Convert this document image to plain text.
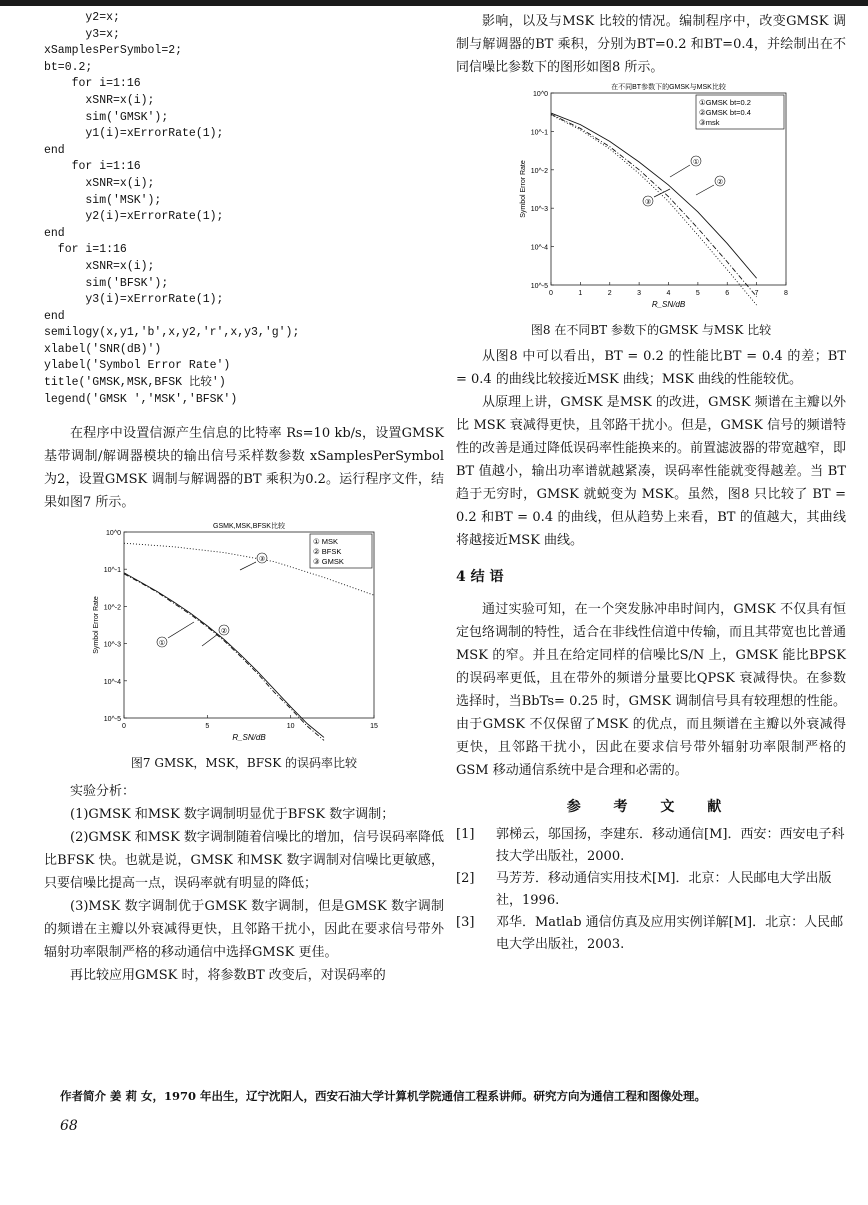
y2=x;
y3=x;
xSamplesPerSymbol=2;
bt=0.2;
for i=1:16
xSNR=x(i);
sim('GMSK');
y1(i)=xErrorRate(1);
end
for i=1:16
xSNR=x(i);
sim('MSK');
y2(i)=xErrorRate(1);
end
for i=1:16
xSNR=x(i);
sim('BFSK');
y3(i)=xErrorRate(1);
end
semilogy(x,y1,'b',x,y2,'r',x,y3,'g');
xlabel('SNR(dB)')
ylabel('Symbol Error Rate')
title('GMSK,MSK,BFSK 比较')
legend('GMSK ','MSK','BFSK')

在程序中设置信源产生信息的比特率 Rs=10 kb/s，设置GMSK 基带调制/解调器模块的输出信号采样数参数 xSamplesPerSymbol 为2，设置GMSK 调制与解调器的BT 乘积为0.2。运行程序文件，结果如图7 所示。

GSMK,MSK,BFSK比较
0	5	10	15
10^0
10^-1
10^-2
10^-3
10^-4
10^-5
R_SN/dB
Symbol Error Rate
① MSK
② BFSK
③ GMSK
①
②
③
图7 GMSK，MSK，BFSK 的误码率比较

实验分析：

(1)GMSK 和MSK 数字调制明显优于BFSK 数字调制；

(2)GMSK 和MSK 数字调制随着信噪比的增加，信号误码率降低比BFSK 快。也就是说，GMSK 和MSK 数字调制对信噪比更敏感，只要信噪比提高一点，误码率就有明显的降低；

(3)MSK 数字调制优于GMSK 数字调制，但是GMSK 数字调制的频谱在主瓣以外衰减得更快，且邻路干扰小，因此在要求信号带外辐射功率限制严格的移动通信中选择GMSK 更佳。

再比较应用GMSK 时，将参数BT 改变后，对误码率的

影响，以及与MSK 比较的情况。编制程序中，改变GMSK 调制与解调器的BT 乘积，分别为BT=0.2 和BT=0.4，并绘制出在不同信噪比参数下的图形如图8 所示。

在不同BT参数下的GMSK与MSK比较
0	1	2	3	4	5	6	7	8
10^0
10^-1
10^-2
10^-3
10^-4
10^-5
R_SN/dB
Symbol Error Rate
①GMSK bt=0.2
②GMSK bt=0.4
③msk
①
②
③
图8 在不同BT 参数下的GMSK 与MSK 比较

从图8 中可以看出，BT = 0.2 的性能比BT = 0.4 的差；BT = 0.4 的曲线比较接近MSK 曲线；MSK 曲线的性能较优。

从原理上讲，GMSK 是MSK 的改进，GMSK 频谱在主瓣以外比 MSK 衰减得更快，且邻路干扰小。但是，GMSK 信号的频谱特性的改善是通过降低误码率性能换来的。前置滤波器的带宽越窄，即BT 值越小，输出功率谱就越紧凑，误码率性能就变得越差。当 BT 趋于无穷时，GMSK 就蜕变为 MSK。虽然，图8 只比较了 BT = 0.2 和BT = 0.4 的曲线，但从趋势上来看，BT 的值越大，其曲线将越接近MSK 曲线。

4 结 语

通过实验可知，在一个突发脉冲串时间内，GMSK 不仅具有恒定包络调制的特性，适合在非线性信道中传输，而且其带宽也比普通MSK 的窄。并且在给定同样的信噪比S/N 上，GMSK 能比BPSK 的误码率更低，且在带外的频谱分量要比QPSK 衰减得快。在参数选择时，当BbTs= 0.25 时，GMSK 调制信号具有较理想的性能。由于GMSK 不仅保留了MSK 的优点，而且频谱在主瓣以外衰减得更快，且邻路干扰小，因此在要求信号带外辐射功率限制严格的GSM 移动通信系统中是合理和必需的。

参 考 文 献
[1]	郭梯云，邬国扬，李建东．移动通信[M]．西安：西安电子科技大学出版社，2000.
[2]	马芳芳．移动通信实用技术[M]．北京：人民邮电大学出版社，1996.
[3]	邓华．Matlab 通信仿真及应用实例详解[M]．北京：人民邮电大学出版社，2003.
作者简介 姜 莉 女，1970 年出生，辽宁沈阳人，西安石油大学计算机学院通信工程系讲师。研究方向为通信工程和图像处理。
68
